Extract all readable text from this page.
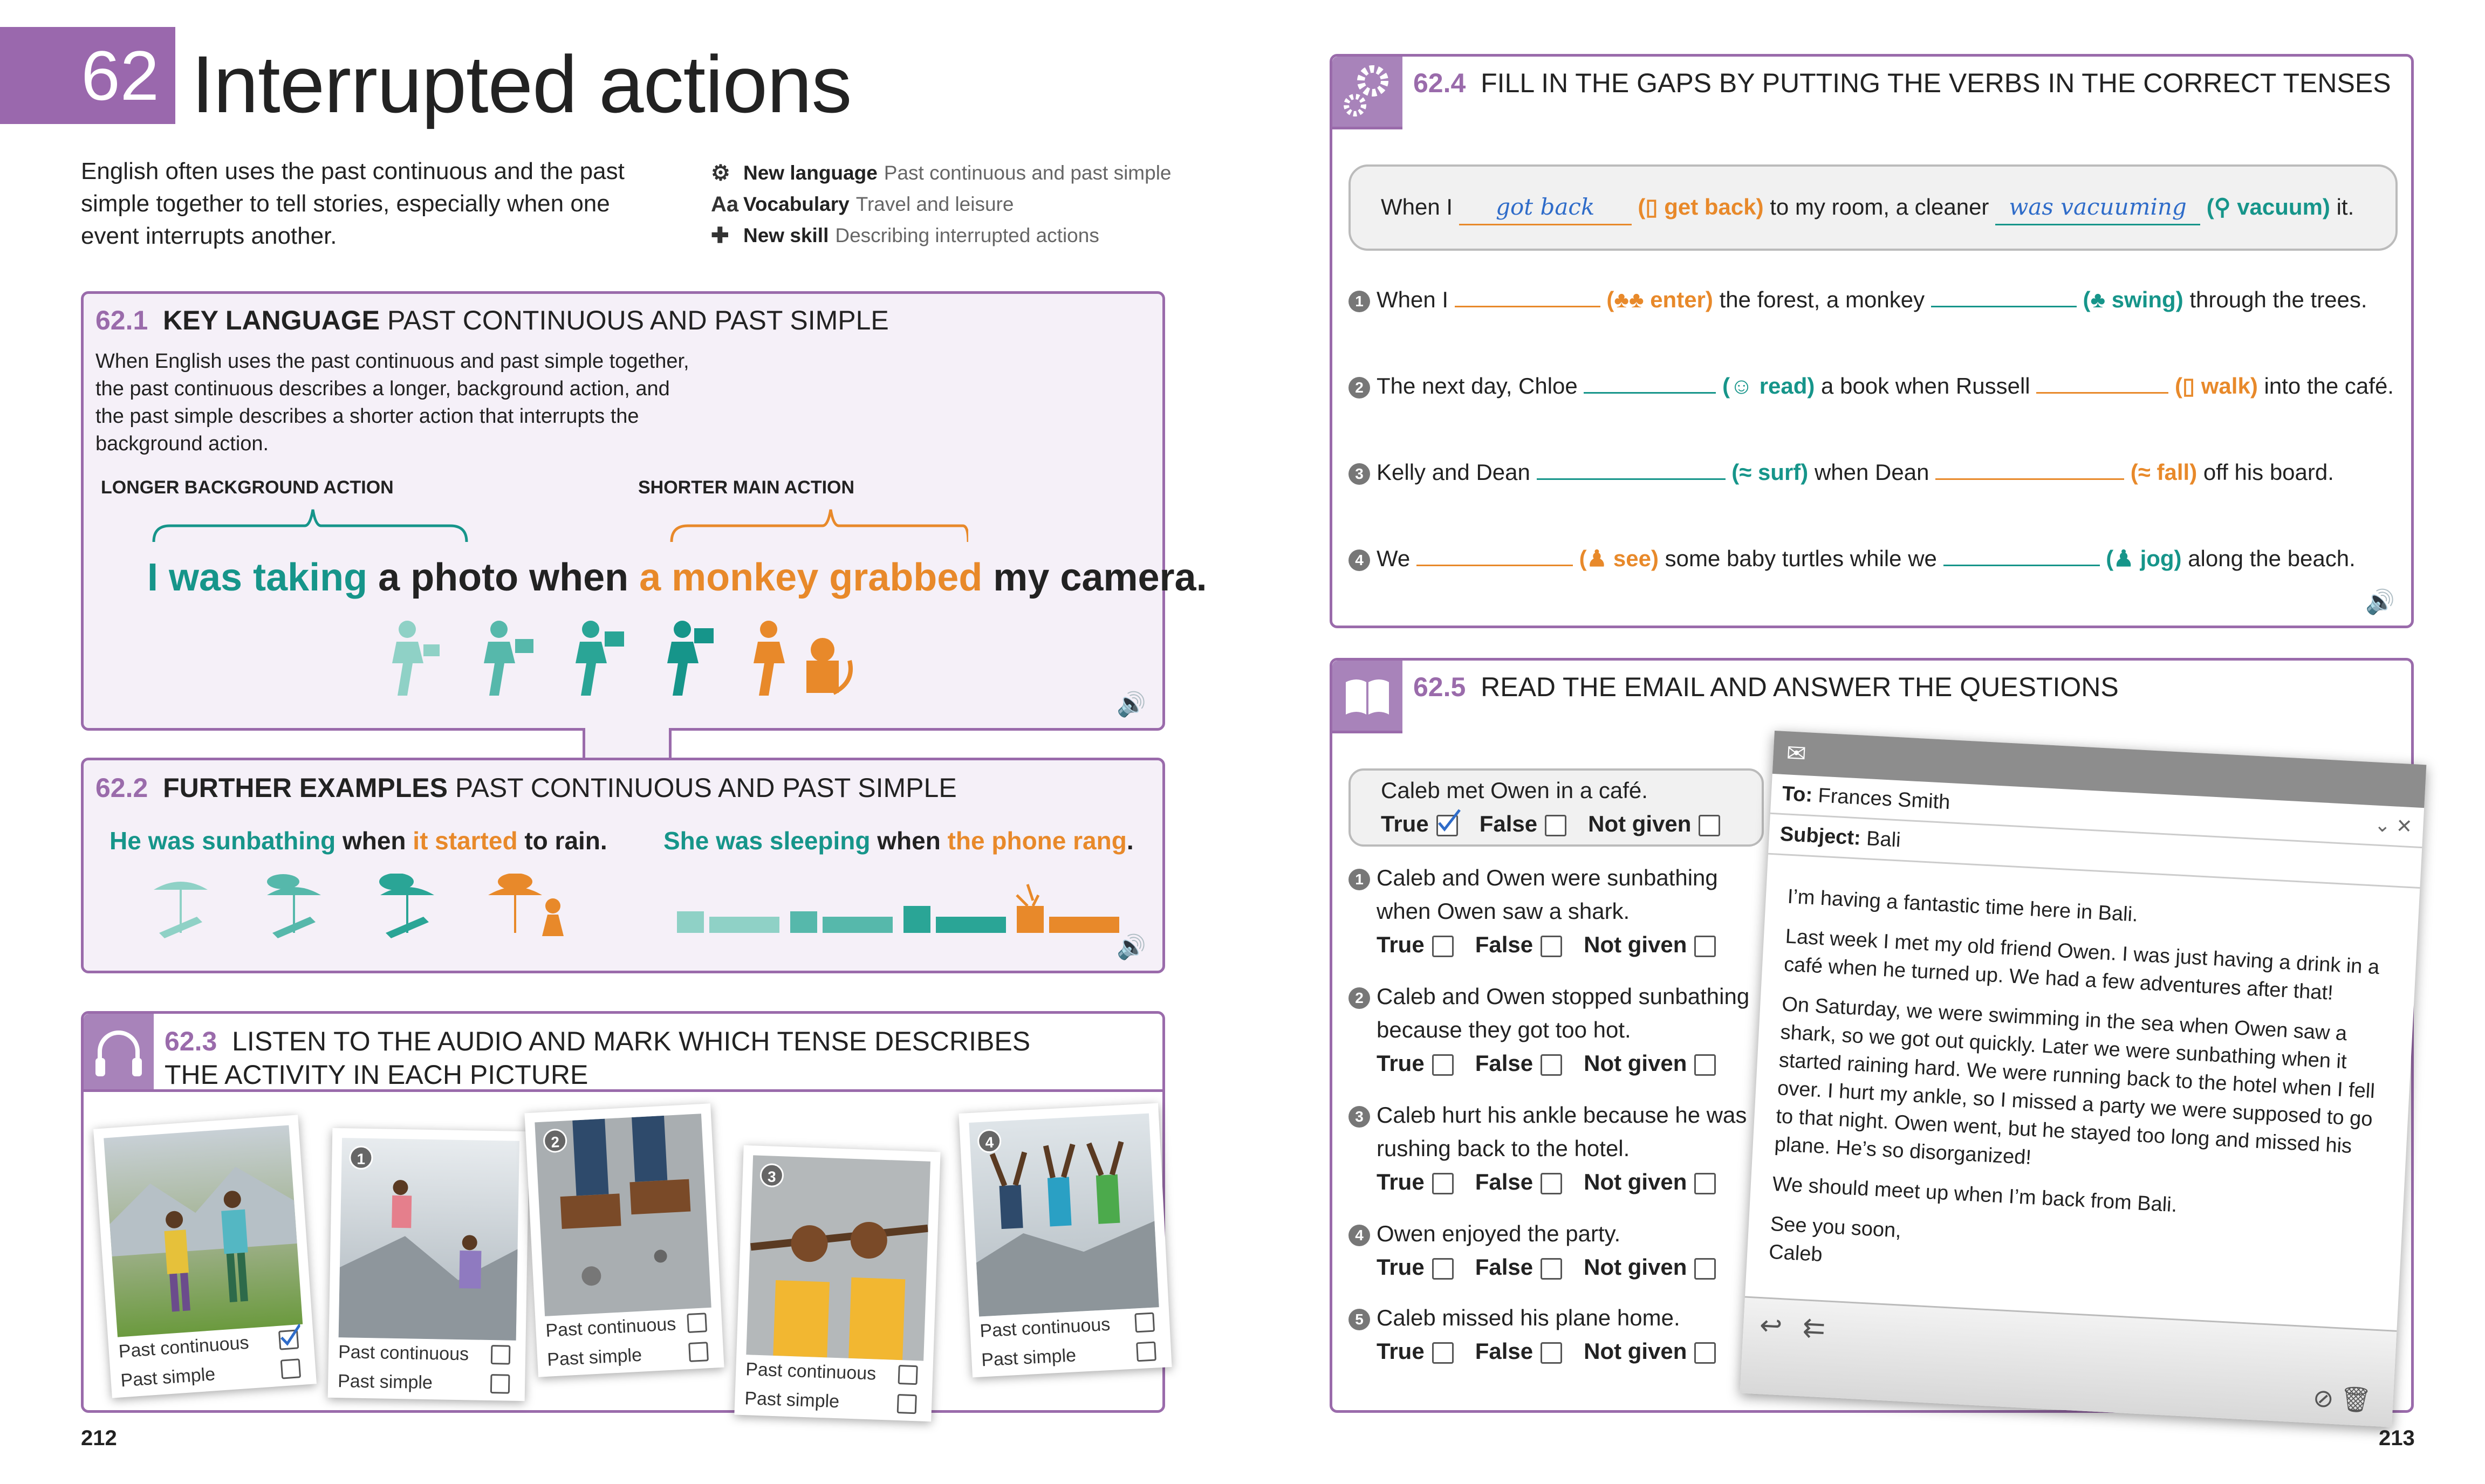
62 Interrupted actions
English often uses the past continuous and the past simple together to tell stories, especially when one event interrupts another.
⚙ New language Past continuous and past simple
Aa Vocabulary Travel and leisure
✚ New skill Describing interrupted actions
62.1 KEY LANGUAGE PAST CONTINUOUS AND PAST SIMPLE
When English uses the past continuous and past simple together, the past continuous describes a longer, background action, and the past simple describes a shorter action that interrupts the background action.
LONGER BACKGROUND ACTION	SHORTER MAIN ACTION
I was taking a photo when a monkey grabbed my camera.
🔊
62.2 FURTHER EXAMPLES PAST CONTINUOUS AND PAST SIMPLE
He was sunbathing when it started to rain. She was sleeping when the phone rang.
🔊
62.3 LISTEN TO THE AUDIO AND MARK WHICH TENSE DESCRIBES THE ACTIVITY IN EACH PICTURE
Past continuous
Past simple
1
Past continuous
Past simple
2
Past continuous
Past simple
3
Past continuous
Past simple
4
Past continuous
Past simple
212
62.4 FILL IN THE GAPS BY PUTTING THE VERBS IN THE CORRECT TENSES
When I got back (▯ get back) to my room, a cleaner was vacuuming (⚲ vacuum) it.
1 When I	(♣♣ enter) the forest, a monkey	(♣ swing) through the trees.
2 The next day, Chloe	(☺ read) a book when Russell	(▯ walk) into the café.
3 Kelly and Dean	(≈ surf) when Dean	(≈ fall) off his board.
4 We	(♟ see) some baby turtles while we	(♟ jog) along the beach.
🔊
62.5 READ THE EMAIL AND ANSWER THE QUESTIONS
Caleb met Owen in a café.
True False Not given
1 Caleb and Owen were sunbathing
when Owen saw a shark.
True False Not given
2 Caleb and Owen stopped sunbathing
because they got too hot.
True False Not given
3 Caleb hurt his ankle because he was
rushing back to the hotel.
True False Not given
4 Owen enjoyed the party.
True False Not given
5 Caleb missed his plane home.
True False Not given
✉
To: Frances Smith
⌄ ✕
Subject:
Bali

I’m having a fantastic time here in Bali.

Last week I met my old friend Owen. I was just having a drink in a café when he turned up. We had a few adventures after that!

On Saturday, we were swimming in the sea when Owen saw a shark, so we got out quickly. Later we were sunbathing when it started raining hard. We were running back to the hotel when I fell over. I hurt my ankle, so I missed a party we were supposed to go to that night. Owen went, but he stayed too long and missed his plane. He’s so disorganized!

We should meet up when I’m back from Bali.

See you soon,

Caleb

↩ ⇇
⊘ 🗑
213
